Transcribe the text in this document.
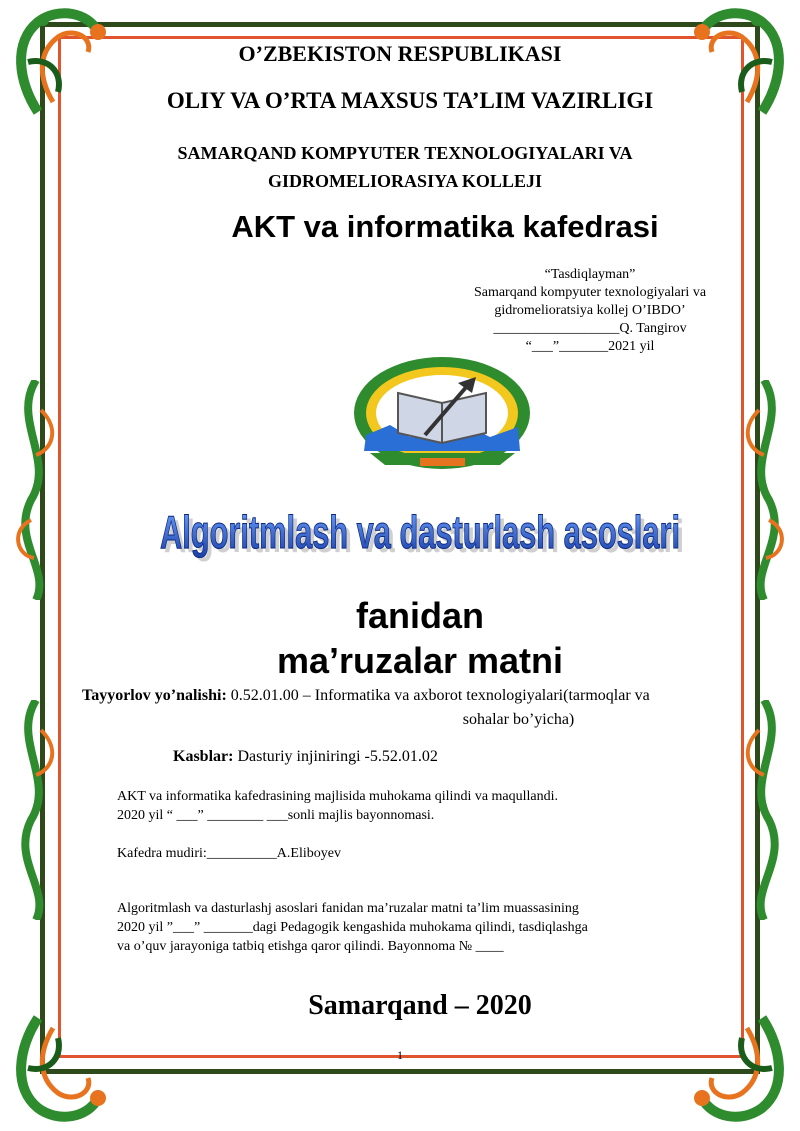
O’ZBEKISTON RESPUBLIKASI
OLIY VA O’RTA MAXSUS TA’LIM VAZIRLIGI
SAMARQAND KOMPYUTER TEXNOLOGIYALARI VA
GIDROMELIORASIYA KOLLEJI
AKT va informatika kafedrasi
“Tasdiqlayman”
Samarqand kompyuter texnologiyalari va
gidromelioratsiya kollej O’IBDO’
__________________Q. Tangirov
“___”_______2021 yil
Algoritmlash va dasturlash asoslari
Algoritmlash va dasturlash asoslari
fanidan
ma’ruzalar matni
Tayyorlov yo’nalishi: 0.52.01.00 – Informatika va axborot texnologiyalari(tarmoqlar va
sohalar bo’yicha)
Kasblar: Dasturiy injiniringi -5.52.01.02
AKT va informatika kafedrasining majlisida muhokama qilindi va maqullandi.
2020 yil “ ___” ________ ___sonli majlis bayonnomasi.
Kafedra mudiri:__________A.Eliboyev
Algoritmlash va dasturlashj asoslari fanidan ma’ruzalar matni ta’lim muassasining
2020 yil ”___” _______dagi Pedagogik kengashida muhokama qilindi, tasdiqlashga
va o’quv jarayoniga tatbiq etishga qaror qilindi. Bayonnoma № ____
Samarqand – 2020
1
